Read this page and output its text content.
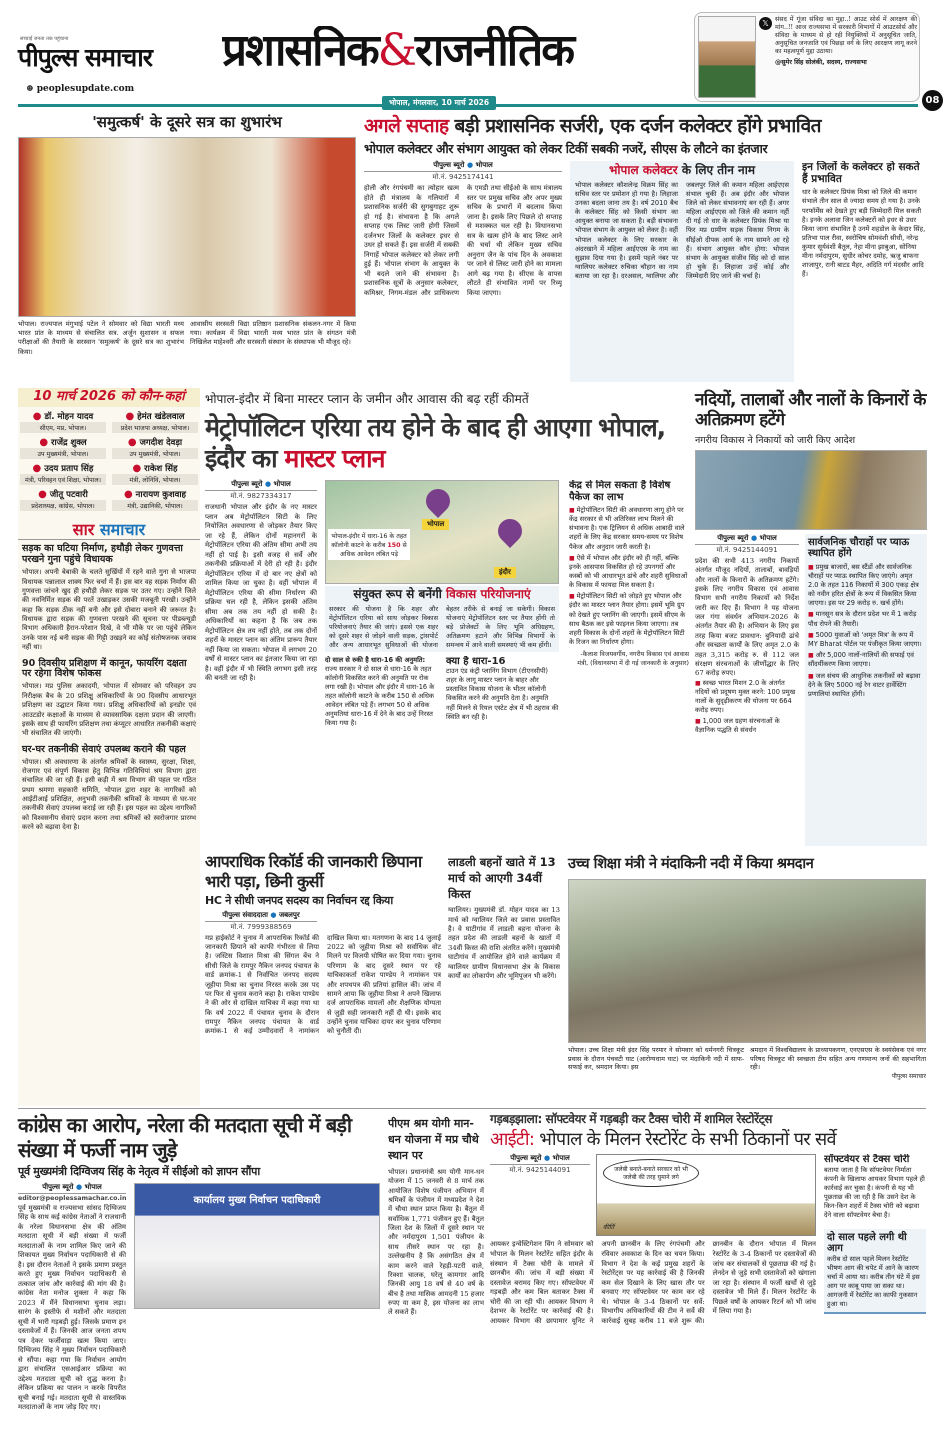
सच्चाई जनता तक पहुंचाना
पीपुल्स समाचार
⊕ peoplesupdate.com
प्रशासनिक&राजनीतिक
𝕏 संसद में गूंजा संविदा का मुद्दा..! आउट सोर्स में आरक्षण की मांग..!! आज राज्यसभा में सरकारी विभागों में आउटसोर्स और संविदा के माध्यम से हो रही नियुक्तियों में अनुसूचित जाति, अनुसूचित जनजाति एवं पिछड़ा वर्ग के लिए आरक्षण लागू करने का महत्वपूर्ण मुद्दा उठाया।
@सुमेर सिंह सोलंकी, सदस्य, राज्यसभा
08
भोपाल, मंगलवार, 10 मार्च 2026
'समुत्कर्ष' के दूसरे सत्र का शुभारंभ
भोपाल। राज्यपाल मंगुभाई पटेल ने सोमवार को विद्या भारती मध्य भारत प्रांत के माध्यम से संचालित सत्र. अर्जुन सुशासन व सफल परीक्षाओं की तैयारी के सरस्वान 'समुत्कर्ष' के दूसरे सत्र का शुभारंभ किया।
आवासीय सरस्वती विद्या प्रतिष्ठान प्रशासनिक संकलन-नगर में किया गया। कार्यक्रम में विद्या भारती मध्य भारत प्रांत के संगठन मंत्री निखिलेश माहेश्वरी और सरस्वती संस्थान के संस्थापक भी मौजूद रहे।
अगले सप्ताह बड़ी प्रशासनिक सर्जरी, एक दर्जन कलेक्टर होंगे प्रभावित
भोपाल कलेक्टर और संभाग आयुक्त को लेकर टिकीं सबकी नजरें, सीएस के लौटने का इंतजार
पीपुल्स ब्यूरो ● भोपाल
मो.नं. 9425174141
होली और रंगपंचमी का त्योहार खत्म होते ही मंत्रालय के गलियारों में प्रशासनिक सर्जरी की सुगबुगाहट शुरू हो गई है। संभावना है कि अगले सप्ताह एक लिस्ट जारी होगी जिसमें दर्जनभर जिलों के कलेक्टर इधर से उधर हो सकते हैं। इस सर्जरी में सबकी निगाहें भोपाल कलेक्टर को लेकर लगी हुई हैं। भोपाल संभाग के आयुक्त के भी बदले जाने की संभावना है। प्रशासनिक सूत्रों के अनुसार कलेक्टर, कमिश्नर, निगम-मंडल और प्राधिकरण के एमडी तथा सीईओ के साथ मंत्रालय स्तर पर प्रमुख सचिव और अपर मुख्य सचिव के प्रभारों में बदलाव किया जाना है। इसके लिए पिछले दो सप्ताह से मशक्कत चल रही है। विधानसभा सत्र के खत्म होने के बाद लिस्ट आने की चर्चा थी लेकिन मुख्य सचिव अनुराग जैन के पांच दिन के अवकाश पर जाने से लिस्ट जारी होने का मामला आगे बढ़ गया है। सीएस के वापस लौटते ही संभावित नामों पर रिव्यू किया जाएगा।
भोपाल कलेक्टर के लिए तीन नाम
भोपाल कलेक्टर कौशलेन्द्र विक्रम सिंह का सचिव स्तर पर प्रमोशन हो गया है। लिहाजा उनका बदला जाना तय है। वर्ष 2010 बैच के कलेक्टर सिंह को किसी संभाग का आयुक्त बनाया जा सकता है। बड़ी संभावना भोपाल संभाग के आयुक्त को लेकर है। वहीं भोपाल कलेक्टर के लिए सरकार के अंदरखाने में महिला आईएएस के नाम का सुझाव दिया गया है। इसमें पहले नंबर पर ग्वालियर कलेक्टर रुचिका चौहान का नाम बताया जा रहा है। दरअसल, ग्वालियर और जबलपुर जिले की कमान महिला आईएएस संभाल चुकी हैं। अब इंदौर और भोपाल जिले को लेकर संभावनाएं बन रही हैं। अगर महिला आईएएस को जिले की कमान नहीं दी गई तो धार के कलेक्टर प्रियंक मिश्रा या फिर मप्र ग्रामीण सड़क विकास निगम के सीईओ दीपक आर्य के नाम सामने आ रहे हैं। संभाग आयुक्त कौन होगा: भोपाल संभाग के आयुक्त संजीव सिंह को दो साल हो चुके हैं। लिहाजा उन्हें कोई और जिम्मेदारी दिए जाने की चर्चा है।
इन जिलों के कलेक्टर हो सकते हैं प्रभावित
धार के कलेक्टर प्रियंक मिश्रा को जिले की कमान संभाले तीन साल से ज्यादा समय हो गया है। उनके परफॉर्मेंस को देखते हुए बड़ी जिम्मेदारी मिल सकती है। इनके अलावा जिन कलेक्टरों को इधर से उधर किया जाना संभावित है उनमें शहडोल के केदार सिंह, प्रतिभा पाल रीवा, स्वरोचिष सोमवंशी सीधी, नरेन्द्र कुमार सूर्यवंशी बैतूल, नेहा मीना झाबुआ, सोनिया मीना नर्मदापुरम, सुधीर कोचर दमोह, ऋजु बाफना शाजापुर, रानी बाटड मैहर, अदिति गर्ग मंदसौर आदि हैं।
10 मार्च 2026 को कौन-कहां
● डॉ. मोहन यादव
सीएम, मप्र, भोपाल।
● हेमंत खंडेलवाल
प्रदेश भाजपा अध्यक्ष, भोपाल।
● राजेंद्र शुक्ल
उप मुख्यमंत्री, भोपाल।
● जगदीश देवड़ा
उप मुख्यमंत्री, भोपाल।
● उदय प्रताप सिंह
मंत्री, परिवहन एवं शिक्षा, भोपाल।
● राकेश सिंह
मंत्री, लोनिवि, भोपाल।
● जीतू पटवारी
प्रदेशाध्यक्ष, कांग्रेस, भोपाल।
● नारायण कुशवाह
मंत्री, उद्यानिकी, भोपाल।
सार समाचार
सड़क का घटिया निर्माण, हथौड़ी लेकर गुणवत्ता परखने गुना पहुंचे विधायक
भोपाल। अपनी बेबाकी के चलते सुर्खियों में रहने वाले गुना से भाजपा विधायक पन्नालाल शाक्य फिर चर्चा में हैं। इस बार वह सड़क निर्माण की गुणवत्ता जांचने खुद ही हथौड़ी लेकर सड़क पर उतर गए। उन्होंने जिले की नवनिर्मित सड़क की परतें उखाड़कर उसकी मजबूती परखी। उन्होंने कहा कि सड़क ठीक नहीं बनी और इसे दोबारा बनाने की जरूरत है। विधायक द्वारा सड़क की गुणवत्ता परखने की सूचना पर पीडब्ल्यूडी विभाग अधिकारी हैरान-परेशान दिखे, वे भी मौके पर जा पहुंचे लेकिन उनके पास नई बनी सड़क की गिट्टी उखड़ने का कोई संतोषजनक जवाब नहीं था।
90 दिवसीय प्रशिक्षण में कानून, फायरिंग दक्षता पर रहेगा विशेष फोकस
भोपाल। मप्र पुलिस अकादमी, भोपाल में सोमवार को परिवहन उप निरीक्षक बैच के 20 प्रशिक्षु अधिकारियों के 90 दिवसीय आधारभूत प्रशिक्षण का उद्घाटन किया गया। प्रशिक्षु अधिकारियों को इनडोर एवं आउटडोर कक्षाओं के माध्यम से व्यावसायिक दक्षता प्रदान की जाएगी। इसके साथ ही फायरिंग प्रशिक्षण तथा कंप्यूटर आधारित तकनीकी कक्षाएं भी संचालित की जाएंगी।
घर-घर तकनीकी सेवाएं उपलब्ध कराने की पहल
भोपाल। श्री अवधारणा के अंतर्गत श्रमिकों के स्वास्थ्य, सुरक्षा, शिक्षा, रोजगार एवं संपूर्ण विकास हेतु विभिन्न गतिविधियां श्रम विभाग द्वारा संचालित की जा रही हैं। इसी कड़ी में श्रम विभाग की पहल पर गठित प्रथम श्रमणा सहकारी समिति, भोपाल द्वारा शहर के नागरिकों को आईटीआई प्रशिक्षित, अनुभवी तकनीकी श्रमिकों के माध्यम से घर-घर तकनीकी सेवाएं उपलब्ध कराई जा रही हैं। इस पहल का उद्देश्य नागरिकों को विश्वसनीय सेवाएं प्रदान करना तथा श्रमिकों को स्वरोजगार प्रारम्भ करने को बढ़ावा देना है।
भोपाल-इंदौर में बिना मास्टर प्लान के जमीन और आवास की बढ़ रहीं कीमतें
मेट्रोपॉलिटन एरिया तय होने के बाद ही आएगा भोपाल, इंदौर का मास्टर प्लान
पीपुल्स ब्यूरो ● भोपाल
मो.नं. 9827334317
राजधानी भोपाल और इंदौर के नए मास्टर प्लान अब मेट्रोपॉलिटन सिटी के लिए नियोजित अवधारणा से जोड़कर तैयार किए जा रहे हैं, लेकिन दोनों महानगरों के मेट्रोपॉलिटन एरिया की अंतिम सीमा अभी तय नहीं हो पाई है। इसी वजह से सर्वे और तकनीकी प्रक्रियाओं में देरी हो रही है। इंदौर मेट्रोपॉलिटन एरिया में दो बार नए क्षेत्रों को शामिल किया जा चुका है। वहीं भोपाल में मेट्रोपॉलिटन एरिया की सीमा निर्धारण की प्रक्रिया चल रही है, लेकिन इसकी अंतिम सीमा अब तक तय नहीं हो सकी है। अधिकारियों का कहना है कि जब तक मेट्रोपॉलिटन क्षेत्र तय नहीं होते, तब तक दोनों शहरों के मास्टर प्लान का अंतिम प्रारूप तैयार नहीं किया जा सकता। भोपाल में लगभग 20 वर्षों से मास्टर प्लान का इंतजार किया जा रहा है। वहीं इंदौर में भी स्थिति लगभग इसी तरह की बनती जा रही है।
भोपाल-इंदौर में धारा-16 के तहत कॉलोनी काटने के करीब 150 से अधिक आवेदन लंबित पड़े
भोपाल
इंदौर
संयुक्त रूप से बनेंगी विकास परियोजनाएं
सरकार की योजना है कि शहर और मेट्रोपॉलिटन एरिया को साथ जोड़कर विकास परियोजनाएं तैयार की जाएं। इससे एक शहर को दूसरे शहर से जोड़ने वाली सड़क, ट्रांसपोर्ट और अन्य आधारभूत सुविधाओं की योजना बेहतर तरीके से बनाई जा सकेगी। विकास योजनाएं मेट्रोपॉलिटन स्तर पर तैयार होंगी तो बड़े प्रोजेक्टों के लिए भूमि अधिग्रहण, अतिक्रमण हटाने और विभिन्न विभागों के समन्वय में आने वाली समस्याएं भी कम होंगी।
दो साल से रुकी है धारा-16 की अनुमति: राज्य सरकार ने दो साल से धारा-16 के तहत कॉलोनी विकसित करने की अनुमति पर रोक लगा रखी है। भोपाल और इंदौर में धारा-16 के तहत कॉलोनी काटने के करीब 150 से अधिक आवेदन लंबित पड़े हैं। लगभग 50 से अधिक अनुमतियां धारा-16 में देने के बाद उन्हें निरस्त किया गया है।
क्या है धारा-16
टाउन एंड कंट्री प्लानिंग विभाग (टीएनसीपी) शहर के लागू मास्टर प्लान के बाहर और प्रस्तावित विकास योजना के भीतर कॉलोनी विकसित करने की अनुमति देता है। अनुमति नहीं मिलने से रियल एस्टेट क्षेत्र में भी ठहराव की स्थिति बन रही है।
केंद्र से मिल सकता है विशेष पैकेज का लाभ
■ मेट्रोपॉलिटन सिटी की अवधारणा लागू होने पर केंद्र सरकार से भी अतिरिक्त लाभ मिलने की संभावना है। एक ट्रिलियन से अधिक आबादी वाले शहरों के लिए केंद्र सरकार समय-समय पर विशेष पैकेज और अनुदान जारी करती है।
■ ऐसे में भोपाल और इंदौर को ही नहीं, बल्कि इनके आसपास विकसित हो रहे उपनगरों और कस्बों को भी आधारभूत ढांचे और शहरी सुविधाओं के विकास में फायदा मिल सकता है।
■ मेट्रोपॉलिटन सिटी को जोड़ते हुए भोपाल और इंदौर का मास्टर प्लान तैयार होगा। इसमें भूमि ग्रुप को देखते हुए प्लानिंग की जाएगी। इसमें सीएम के साथ बैठक कर इसे फाइनल किया जाएगा। तब शहरी विकास के दोनों शहरों के मेट्रोपॉलिटन सिटी के रिजन का निर्धारण होगा।
-कैलाश विजयवर्गीय, नगरीय विकास एवं आवास मंत्री, (विधानसभा में दी गई जानकारी के अनुसार)
नदियों, तालाबों और नालों के किनारों के अतिक्रमण हटेंगे
नगरीय विकास ने निकायों को जारी किए आदेश
पीपुल्स ब्यूरो ● भोपाल
मो.नं. 9425144091
प्रदेश की सभी 413 नगरीय निकायों अंतर्गत मौजूद नदियों, तालाबों, बावड़ियों और नालों के किनारों के अतिक्रमण हटेंगे। इसके लिए नगरीय विकास एवं आवास विभाग सभी नगरीय निकायों को निर्देश जारी कर दिए हैं। विभाग ने यह योजना जल गंगा संवर्धन अभियान-2026 के अंतर्गत तैयार की है। अभियान के लिए इस तरह किया बजट प्रावधान: बुनियादी ढांचे और स्वच्छता कार्यों के लिए अमृत 2.0 के तहत 3,315 करोड़ रु. से 112 जल संरक्षण संरचनाओं के जीर्णोद्धार के लिए 67 करोड़ रुपए।
■ स्वच्छ भारत मिशन 2.0 के अंतर्गत नदियों को प्रदूषण मुक्त करने: 100 प्रमुख नालों के सुदृढ़ीकरण की योजना पर 664 करोड़ रुपए।
■ 1,000 जल ग्रहण संरचनाओं के वैज्ञानिक पद्धति से संवर्धन
सार्वजनिक चौराहों पर प्याऊ स्थापित होंगे
■ प्रमुख बाजारों, बस स्टैंडों और सार्वजनिक चौराहों पर प्याऊ स्थापित किए जाएंगे। अमृत 2.0 के तहत 116 निकायों में 300 एकड़ क्षेत्र को नवीन हरित क्षेत्रों के रूप में विकसित किया जाएगा। इस पर 29 करोड़ रु. खर्च होंगे।
■ मानसून सत्र के दौरान प्रदेश भर में 1 करोड़ पौध रोपने की तैयारी।
■ 5000 युवाओं को 'अमृत मित्र' के रूप में MY Bharat पोर्टल पर पंजीकृत किया जाएगा।
■ और 5,000 नालों-नालियों की सफाई एवं सौंदर्यीकरण किया जाएगा।
■ जल संचय की आधुनिक तकनीकों को बढ़ावा देने के लिए 5000 नई रेन वाटर हार्वेस्टिंग प्रणालियां स्थापित होंगी।
आपराधिक रिकॉर्ड की जानकारी छिपाना भारी पड़ा, छिनी कुर्सी
HC ने सीधी जनपद सदस्य का निर्वाचन रद्द किया
पीपुल्स संवाददाता ● जबलपुर
मो.नं. 7999388569
मप्र हाईकोर्ट ने चुनाव में आपराधिक रिकॉर्ड की जानकारी छिपाने को काफी गंभीरता से लिया है। जस्टिस विशाल मिश्रा की सिंगल बेंच ने सीधी जिले के रामपुर नैकिन जनपद पंचायत के वार्ड क्रमांक-1 से निर्वाचित जनपद सदस्य जूहीया मिश्रा का चुनाव निरस्त करके उस पद पर फिर से चुनाव कराने कहा है। राकेश पाण्डेय ने की ओर से दाखिल याचिका में कहा गया था कि वर्ष 2022 में पंचायत चुनाव के दौरान रामपुर नैकिन जनपद पंचायत के वार्ड क्रमांक-1 से कई उम्मीदवारों ने नामांकन दाखिल किया था। मतगणना के बाद 14 जुलाई 2022 को जूहीया मिश्रा को सर्वाधिक वोट मिलने पर विजयी घोषित कर दिया गया। चुनाव परिणाम के बाद दूसरे स्थान पर रहे याचिकाकर्ता राकेश पाण्डेय ने नामांकन पत्र और शपथपत्र की प्रतियां हासिल कीं। जांच में सामने आया कि जूहीया मिश्रा ने अपने खिलाफ दर्ज आपराधिक मामलों और शैक्षणिक योग्यता से जुड़ी सही जानकारी नहीं दी थी। इसके बाद उन्होंने चुनाव याचिका दायर कर चुनाव परिणाम को चुनौती दी।
लाडली बहनों खाते में 13 मार्च को आएगी 34वीं किस्त
ग्वालियर। मुख्यमंत्री डॉ. मोहन यादव का 13 मार्च को ग्वालियर जिले का प्रवास प्रस्तावित है। वे घाटीगांव में लाडली बहना योजना के तहत प्रदेश की लाडली बहनों के खातों में 34वीं किस्त की राशि अंतरित करेंगे। मुख्यमंत्री घाटीगांव में आयोजित होने वाले कार्यक्रम में ग्वालियर ग्रामीण विधानसभा क्षेत्र के विकास कार्यों का लोकार्पण और भूमिपूजन भी करेंगे।
उच्च शिक्षा मंत्री ने मंदाकिनी नदी में किया श्रमदान
भोपाल। उच्च शिक्षा मंत्री इंदर सिंह परमार ने सोमवार को धर्मनगरी चित्रकूट प्रवास के दौरान पंचवटी घाट (आरोग्यधाम घाट) पर मंदाकिनी नदी में साफ- सफाई कर, श्रमदान किया। इस
श्रमदान में विश्वविद्यालय के प्राध्यापकगण, एनएसएस के स्वयंसेवक एवं नगर परिषद चित्रकूट की स्वच्छता टीम सहित अन्य गणमान्य जनों की सहभागिता रही।
पीपुल्स समाचार
कांग्रेस का आरोप, नरेला की मतदाता सूची में बड़ी संख्या में फर्जी नाम जुड़े
पूर्व मुख्यमंत्री दिग्विजय सिंह के नेतृत्व में सीईओ को ज्ञापन सौंपा
पीपुल्स ब्यूरो ● भोपाल
editor@peoplessamachar.co.in
पूर्व मुख्यमंत्री व राज्यसभा सांसद दिग्विजय सिंह के साथ कई कांग्रेस नेताओं ने राजधानी के नरेला विधानसभा क्षेत्र की अंतिम मतदाता सूची में बड़ी संख्या में फर्जी मतदाताओं के नाम शामिल किए जाने की शिकायत मुख्य निर्वाचन पदाधिकारी से की है। इस दौरान नेताओं ने इसके प्रमाण प्रस्तुत करते हुए मुख्य निर्वाचन पदाधिकारी से तत्काल जांच और कार्रवाई की मांग की है। कांग्रेस नेता मनोज शुक्ला ने कहा कि 2023 में मैंने विधानसभा चुनाव लड़ा। सारंग के इस्तीफे से मशीनों और मतदाता सूची में भारी गड़बड़ी हुई। जिसके प्रमाण इन दस्तावेजों में हैं। जिनकी आज जनता शपथ पत्र देकर फर्जीवाड़ा खत्म किया जाए। दिग्विजय सिंह ने मुख्य निर्वाचन पदाधिकारी से सौंपा। कहा गया कि निर्वाचन आयोग द्वारा संचालित एसआईआर प्रक्रिया का उद्देश्य मतदाता सूची को शुद्ध करना है। लेकिन प्रक्रिया का पालन न करके विपरीत सूची बनाई गई। मतदाता सूची से वास्तविक मतदाताओं के नाम जोड़ दिए गए।
कार्यालय मुख्य निर्वाचन पदाधिकारी
पीएम श्रम योगी मान-धन योजना में मप्र चौथे स्थान पर
भोपाल। प्रधानमंत्री श्रम योगी मान-धन योजना में 15 जनवरी से 8 मार्च तक आयोजित विशेष पंजीयन अभियान में श्रमिकों के पंजीयन में मध्यप्रदेश ने देश में चौथा स्थान प्राप्त किया है। बैतूल में सर्वाधिक 1,771 पंजीयन हुए हैं। बैतूल जिला देश के जिलों में दूसरे स्थान पर और नर्मदापुरम 1,501 पंजीयन के साथ तीसरे स्थान पर रहा है। उल्लेखनीय है कि असंगठित क्षेत्र में काम करने वाले रेहड़ी-पटरी वाले, रिक्शा चालक, घरेलू कामगार आदि जिनकी आयु 18 वर्ष से 40 वर्ष के बीच है तथा मासिक आमदनी 15 हजार रुपए या कम है, इस योजना का लाभ ले सकते हैं।
गड़बड़झाला: सॉफ्टवेयर में गड़बड़ी कर टैक्स चोरी में शामिल रेस्टोरेंट्स
आईटी: भोपाल के मिलन रेस्टोरेंट के सभी ठिकानों पर सर्वे
पीपुल्स ब्यूरो ● भोपाल
मो.नं. 9425144091	जलेबी बनाते-बनाते सरकार को भी जलेबी की तरह घुमाने लगे
कीर्ति
आयकर इन्वेस्टिगेशन विंग ने सोमवार को भोपाल के मिलन रेस्टोरेंट सहित इंदौर के संस्थान में टैक्स चोरी के मामले में छानबीन की। जांच में बड़ी संख्या में दस्तावेज बरामद किए गए। सॉफ्टवेयर में गड़बड़ी और कम बिल बताकर टैक्स में चोरी की जा रही थी। आयकर विभाग ने देशभर के रेस्टोरेंट पर कार्रवाई की है। आयकर विभाग की छापामार यूनिट ने अपनी छानबीन के लिए रंगपंचमी और रविवार अवकाश के दिन का चयन किया। विभाग ने देश के कई प्रमुख शहरों के रेस्टोरेंट्स पर यह कार्रवाई की है जिनकी कम सेल दिखाने के लिए खास तौर पर बनवाए गए सॉफ्टवेयर पर काम कर रहे थे। भोपाल के 3-4 ठिकानों पर सर्वे: विभागीय अधिकारियों की टीम ने सर्वे की कार्रवाई सुबह करीब 11 बजे शुरू की। छानबीन के दौरान भोपाल में मिलन रेस्टोरेंट के 3-4 ठिकानों पर दस्तावेजों की जांच कर संचालकों से पूछताछ की गई है। लेनदेन से जुड़े सभी दस्तावेजों को खंगाला जा रहा है। संस्थान में फर्जी खर्चों से जुड़े दस्तावेज भी मिले हैं। मिलन रेस्टोरेंट के पिछले वर्षों के आयकर रिटर्न को भी जांच में लिया गया है।
सॉफ्टवेयर से टैक्स चोरी
बताया जाता है कि सॉफ्टवेयर निर्माता कंपनी के खिलाफ आयकर विभाग पहले ही कार्रवाई कर चुका है। कंपनी से यह भी पूछताछ की जा रही है कि उसने देश के किन-किन शहरों में टैक्स चोरी को बढ़ावा देने वाला सॉफ्टवेयर बेचा है।
दो साल पहले लगी थी आग
करीब दो साल पहले मिलन रेस्टोरेंट भीषण आग की चपेट में आने के कारण चर्चा में आया था। करीब तीन घंटे में इस आग पर काबू पाया जा सका था। आगजनी में रेस्टोरेंट का काफी नुकसान हुआ था।
